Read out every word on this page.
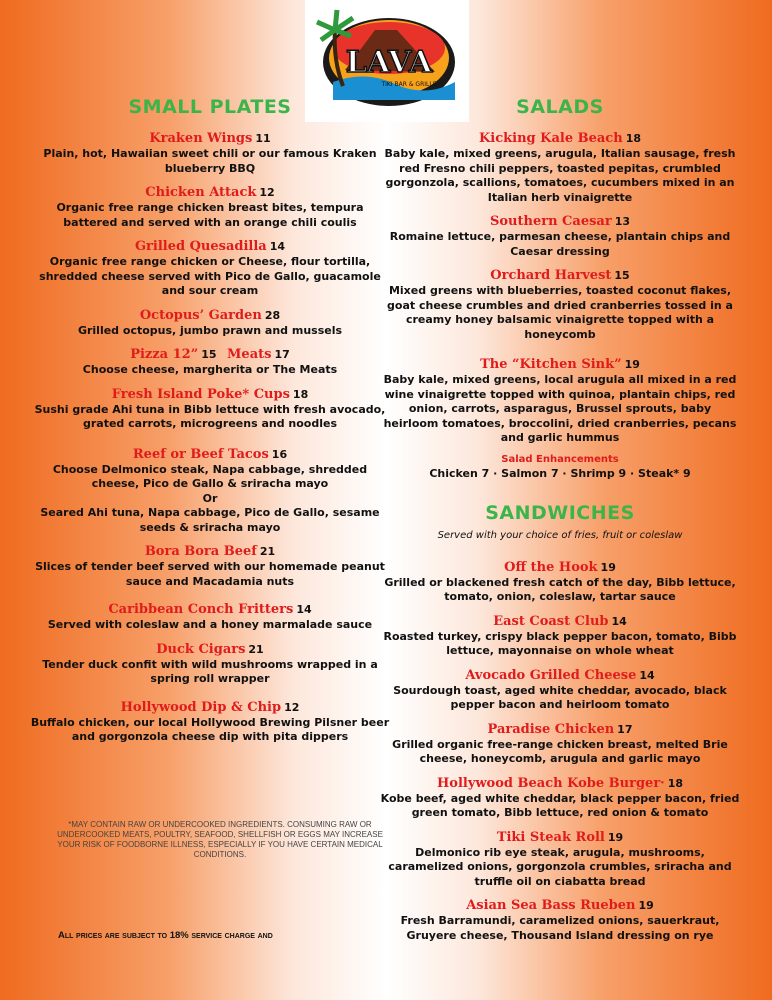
LAVA
TIKI BAR & GRILLE
SMALL PLATES
Kraken Wings 11
Plain, hot, Hawaiian sweet chili or our famous Kraken blueberry BBQ
Chicken Attack 12
Organic free range chicken breast bites, tempura battered and served with an orange chili coulis
Grilled Quesadilla 14
Organic free range chicken or Cheese, flour tortilla, shredded cheese served with Pico de Gallo, guacamole and sour cream
Octopus’ Garden 28
Grilled octopus, jumbo prawn and mussels
Pizza 12” 15 Meats 17
Choose cheese, margherita or The Meats
Fresh Island Poke* Cups 18
Sushi grade Ahi tuna in Bibb lettuce with fresh avocado, grated carrots, microgreens and noodles
Reef or Beef Tacos 16
Choose Delmonico steak, Napa cabbage, shredded cheese, Pico de Gallo & sriracha mayo
Or
Seared Ahi tuna, Napa cabbage, Pico de Gallo, sesame seeds & sriracha mayo
Bora Bora Beef 21
Slices of tender beef served with our homemade peanut sauce and Macadamia nuts
Caribbean Conch Fritters 14
Served with coleslaw and a honey marmalade sauce
Duck Cigars 21
Tender duck confit with wild mushrooms wrapped in a spring roll wrapper
Hollywood Dip & Chip 12
Buffalo chicken, our local Hollywood Brewing Pilsner beer and gorgonzola cheese dip with pita dippers
SALADS
Kicking Kale Beach 18
Baby kale, mixed greens, arugula, Italian sausage, fresh red Fresno chili peppers, toasted pepitas, crumbled gorgonzola, scallions, tomatoes, cucumbers mixed in an Italian herb vinaigrette
Southern Caesar 13
Romaine lettuce, parmesan cheese, plantain chips and Caesar dressing
Orchard Harvest 15
Mixed greens with blueberries, toasted coconut flakes, goat cheese crumbles and dried cranberries tossed in a creamy honey balsamic vinaigrette topped with a honeycomb
The “Kitchen Sink” 19
Baby kale, mixed greens, local arugula all mixed in a red wine vinaigrette topped with quinoa, plantain chips, red onion, carrots, asparagus, Brussel sprouts, baby heirloom tomatoes, broccolini, dried cranberries, pecans and garlic hummus
Salad Enhancements
Chicken 7 · Salmon 7 · Shrimp 9 · Steak* 9
SANDWICHES
Served with your choice of fries, fruit or coleslaw
Off the Hook 19
Grilled or blackened fresh catch of the day, Bibb lettuce, tomato, onion, coleslaw, tartar sauce
East Coast Club 14
Roasted turkey, crispy black pepper bacon, tomato, Bibb lettuce, mayonnaise on whole wheat
Avocado Grilled Cheese 14
Sourdough toast, aged white cheddar, avocado, black pepper bacon and heirloom tomato
Paradise Chicken 17
Grilled organic free-range chicken breast, melted Brie cheese, honeycomb, arugula and garlic mayo
Hollywood Beach Kobe Burger· 18
Kobe beef, aged white cheddar, black pepper bacon, fried green tomato, Bibb lettuce, red onion & tomato
Tiki Steak Roll 19
Delmonico rib eye steak, arugula, mushrooms, caramelized onions, gorgonzola crumbles, sriracha and truffle oil on ciabatta bread
Asian Sea Bass Rueben 19
Fresh Barramundi, caramelized onions, sauerkraut, Gruyere cheese, Thousand Island dressing on rye
*MAY CONTAIN RAW OR UNDERCOOKED INGREDIENTS. CONSUMING RAW OR UNDERCOOKED MEATS, POULTRY, SEAFOOD, SHELLFISH OR EGGS MAY INCREASE YOUR RISK OF FOODBORNE ILLNESS, ESPECIALLY IF YOU HAVE CERTAIN MEDICAL CONDITIONS.
All prices are subject to 18% service charge and
